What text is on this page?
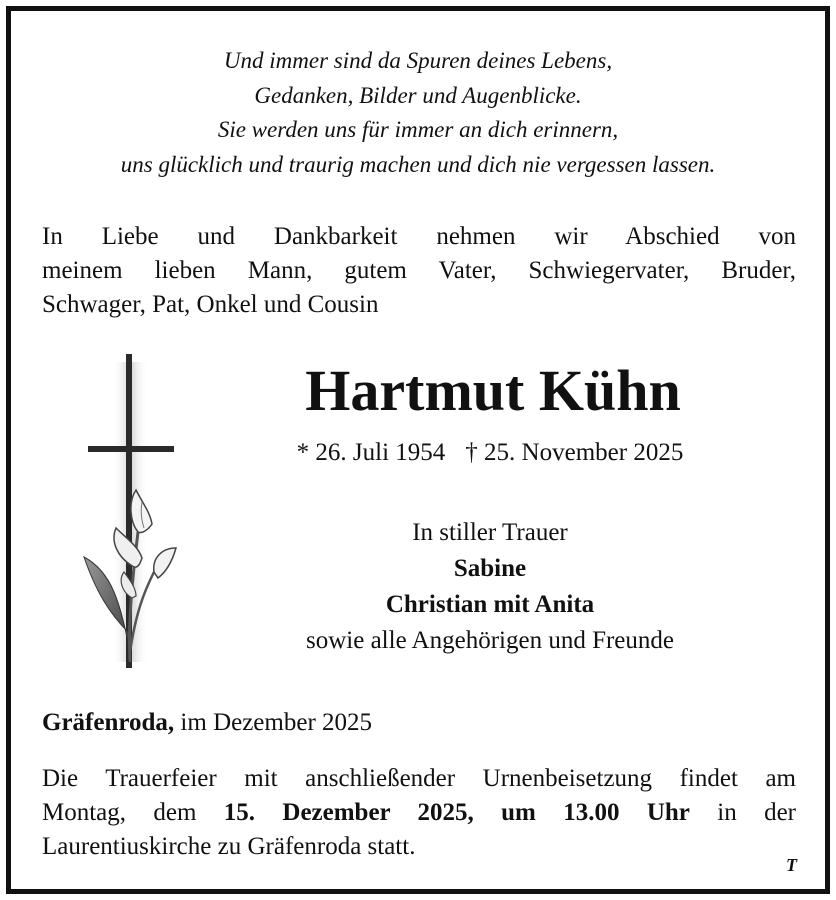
Und immer sind da Spuren deines Lebens,
Gedanken, Bilder und Augenblicke.
Sie werden uns für immer an dich erinnern,
uns glücklich und traurig machen und dich nie vergessen lassen.
In Liebe und Dankbarkeit nehmen wir Abschied von
meinem lieben Mann, gutem Vater, Schwiegervater, Bruder,
Schwager, Pat, Onkel und Cousin
Hartmut Kühn
* 26. Juli 1954 † 25. November 2025
In stiller Trauer
Sabine
Christian mit Anita
sowie alle Angehörigen und Freunde
Gräfenroda, im Dezember 2025
Die Trauerfeier mit anschließender Urnenbeisetzung findet am
Montag, dem 15. Dezember 2025, um 13.00 Uhr in der
Laurentiuskirche zu Gräfenroda statt.
T
